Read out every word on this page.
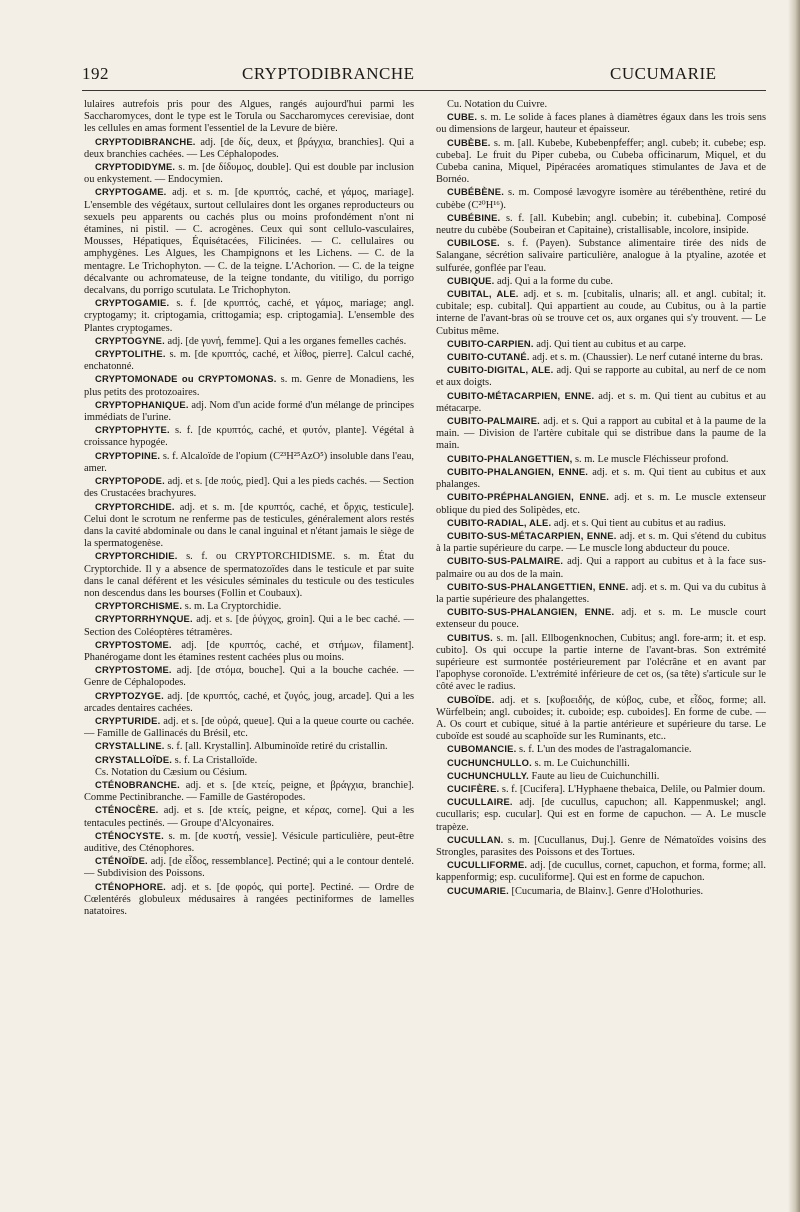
192	CRYPTODIBRANCHE	CUCUMARIE

lulaires autrefois pris pour des Algues, rangés aujourd'hui parmi les Saccharomyces, dont le type est le Torula ou Saccharomyces cerevisiae, dont les cellules en amas forment l'essentiel de la Levure de bière.

CRYPTODIBRANCHE. adj. [de δίς, deux, et βράγχια, branchies]. Qui a deux branchies cachées. — Les Céphalopodes.

CRYPTODIDYME. s. m. [de δίδυμος, double]. Qui est double par inclusion ou enkystement. — Endocymien.

CRYPTOGAME. adj. et s. m. [de κρυπτός, caché, et γάμος, mariage]. L'ensemble des végétaux, surtout cellulaires dont les organes reproducteurs ou sexuels peu apparents ou cachés plus ou moins profondément n'ont ni étamines, ni pistil. — C. acrogènes. Ceux qui sont cellulo-vasculaires, Mousses, Hépatiques, Équisétacées, Filicinées. — C. cellulaires ou amphygènes. Les Algues, les Champignons et les Lichens. — C. de la mentagre. Le Trichophyton. — C. de la teigne. L'Achorion. — C. de la teigne décalvante ou achromateuse, de la teigne tondante, du vitiligo, du porrigo decalvans, du porrigo scutulata. Le Trichophyton.

CRYPTOGAMIE. s. f. [de κρυπτός, caché, et γάμος, mariage; angl. cryptogamy; it. criptogamia, crittogamia; esp. criptogamia]. L'ensemble des Plantes cryptogames.

CRYPTOGYNE. adj. [de γυνή, femme]. Qui a les organes femelles cachés.

CRYPTOLITHE. s. m. [de κρυπτός, caché, et λίθος, pierre]. Calcul caché, enchatonné.

CRYPTOMONADE ou CRYPTOMONAS. s. m. Genre de Monadiens, les plus petits des protozoaires.

CRYPTOPHANIQUE. adj. Nom d'un acide formé d'un mélange de principes immédiats de l'urine.

CRYPTOPHYTE. s. f. [de κρυπτός, caché, et φυτόν, plante]. Végétal à croissance hypogée.

CRYPTOPINE. s. f. Alcaloïde de l'opium (C²³H²⁵AzO⁵) insoluble dans l'eau, amer.

CRYPTOPODE. adj. et s. [de πούς, pied]. Qui a les pieds cachés. — Section des Crustacées brachyures.

CRYPTORCHIDE. adj. et s. m. [de κρυπτός, caché, et ὄρχις, testicule]. Celui dont le scrotum ne renferme pas de testicules, généralement alors restés dans la cavité abdominale ou dans le canal inguinal et n'étant jamais le siège de la spermatogenèse.

CRYPTORCHIDIE. s. f. ou CRYPTORCHIDISME. s. m. État du Cryptorchide. Il y a absence de spermatozoïdes dans le testicule et par suite dans le canal déférent et les vésicules séminales du testicule ou des testicules non descendus dans les bourses (Follin et Coubaux).

CRYPTORCHISME. s. m. La Cryptorchidie.

CRYPTORRHYNQUE. adj. et s. [de ῥύγχος, groin]. Qui a le bec caché. — Section des Coléoptères tétramères.

CRYPTOSTOME. adj. [de κρυπτός, caché, et στήμων, filament]. Phanérogame dont les étamines restent cachées plus ou moins.

CRYPTOSTOME. adj. [de στόμα, bouche]. Qui a la bouche cachée. — Genre de Céphalopodes.

CRYPTOZYGE. adj. [de κρυπτός, caché, et ζυγός, joug, arcade]. Qui a les arcades dentaires cachées.

CRYPTURIDE. adj. et s. [de οὐρά, queue]. Qui a la queue courte ou cachée. — Famille de Gallinacés du Brésil, etc.

CRYSTALLINE. s. f. [all. Krystallin]. Albuminoïde retiré du cristallin.

CRYSTALLOÏDE. s. f. La Cristalloïde.

Cs. Notation du Cæsium ou Césium.

CTÉNOBRANCHE. adj. et s. [de κτείς, peigne, et βράγχια, branchie]. Comme Pectinibranche. — Famille de Gastéropodes.

CTÉNOCÈRE. adj. et s. [de κτείς, peigne, et κέρας, corne]. Qui a les tentacules pectinés. — Groupe d'Alcyonaires.

CTÉNOCYSTE. s. m. [de κυστή, vessie]. Vésicule particulière, peut-être auditive, des Cténophores.

CTÉNOÏDE. adj. [de εἶδος, ressemblance]. Pectiné; qui a le contour dentelé. — Subdivision des Poissons.

CTÉNOPHORE. adj. et s. [de φορός, qui porte]. Pectiné. — Ordre de Cœlentérés globuleux médusaires à rangées pectiniformes de lamelles natatoires.

Cu. Notation du Cuivre.

CUBE. s. m. Le solide à faces planes à diamètres égaux dans les trois sens ou dimensions de largeur, hauteur et épaisseur.

CUBÈBE. s. m. [all. Kubebe, Kubebenpfeffer; angl. cubeb; it. cubebe; esp. cubeba]. Le fruit du Piper cubeba, ou Cubeba officinarum, Miquel, et du Cubeba canina, Miquel, Pipéracées aromatiques stimulantes de Java et de Bornéo.

CUBÉBÈNE. s. m. Composé lævogyre isomère au térébenthène, retiré du cubèbe (C²⁰H¹⁶).

CUBÉBINE. s. f. [all. Kubebin; angl. cubebin; it. cubebina]. Composé neutre du cubèbe (Soubeiran et Capitaine), cristallisable, incolore, insipide.

CUBILOSE. s. f. (Payen). Substance alimentaire tirée des nids de Salangane, sécrétion salivaire particulière, analogue à la ptyaline, azotée et sulfurée, gonflée par l'eau.

CUBIQUE. adj. Qui a la forme du cube.

CUBITAL, ALE. adj. et s. m. [cubitalis, ulnaris; all. et angl. cubital; it. cubitale; esp. cubital]. Qui appartient au coude, au Cubitus, ou à la partie interne de l'avant-bras où se trouve cet os, aux organes qui s'y trouvent. — Le Cubitus même.

CUBITO-CARPIEN. adj. Qui tient au cubitus et au carpe.

CUBITO-CUTANÉ. adj. et s. m. (Chaussier). Le nerf cutané interne du bras.

CUBITO-DIGITAL, ALE. adj. Qui se rapporte au cubital, au nerf de ce nom et aux doigts.

CUBITO-MÉTACARPIEN, ENNE. adj. et s. m. Qui tient au cubitus et au métacarpe.

CUBITO-PALMAIRE. adj. et s. Qui a rapport au cubital et à la paume de la main. — Division de l'artère cubitale qui se distribue dans la paume de la main.

CUBITO-PHALANGETTIEN, s. m. Le muscle Fléchisseur profond.

CUBITO-PHALANGIEN, ENNE. adj. et s. m. Qui tient au cubitus et aux phalanges.

CUBITO-PRÉPHALANGIEN, ENNE. adj. et s. m. Le muscle extenseur oblique du pied des Solipèdes, etc.

CUBITO-RADIAL, ALE. adj. et s. Qui tient au cubitus et au radius.

CUBITO-SUS-MÉTACARPIEN, ENNE. adj. et s. m. Qui s'étend du cubitus à la partie supérieure du carpe. — Le muscle long abducteur du pouce.

CUBITO-SUS-PALMAIRE. adj. Qui a rapport au cubitus et à la face sus-palmaire ou au dos de la main.

CUBITO-SUS-PHALANGETTIEN, ENNE. adj. et s. m. Qui va du cubitus à la partie supérieure des phalangettes.

CUBITO-SUS-PHALANGIEN, ENNE. adj. et s. m. Le muscle court extenseur du pouce.

CUBITUS. s. m. [all. Ellbogenknochen, Cubitus; angl. fore-arm; it. et esp. cubito]. Os qui occupe la partie interne de l'avant-bras. Son extrémité supérieure est surmontée postérieurement par l'olécrâne et en avant par l'apophyse coronoïde. L'extrémité inférieure de cet os, (sa tête) s'articule sur le côté avec le radius.

CUBOÏDE. adj. et s. [κυβοειδής, de κύβος, cube, et εἶδος, forme; all. Würfelbein; angl. cuboides; it. cuboide; esp. cuboides]. En forme de cube. — A. Os court et cubique, situé à la partie antérieure et supérieure du tarse. Le cuboïde est soudé au scaphoïde sur les Ruminants, etc..

CUBOMANCIE. s. f. L'un des modes de l'astragalomancie.

CUCHUNCHULLO. s. m. Le Cuichunchilli.

CUCHUNCHULLY. Faute au lieu de Cuichunchilli.

CUCIFÈRE. s. f. [Cucifera]. L'Hyphaene thebaica, Delile, ou Palmier doum.

CUCULLAIRE. adj. [de cucullus, capuchon; all. Kappenmuskel; angl. cucullaris; esp. cucular]. Qui est en forme de capuchon. — A. Le muscle trapèze.

CUCULLAN. s. m. [Cucullanus, Duj.]. Genre de Nématoïdes voisins des Strongles, parasites des Poissons et des Tortues.

CUCULLIFORME. adj. [de cucullus, cornet, capuchon, et forma, forme; all. kappenformig; esp. cuculiforme]. Qui est en forme de capuchon.

CUCUMARIE. [Cucumaria, de Blainv.]. Genre d'Holothuries.
